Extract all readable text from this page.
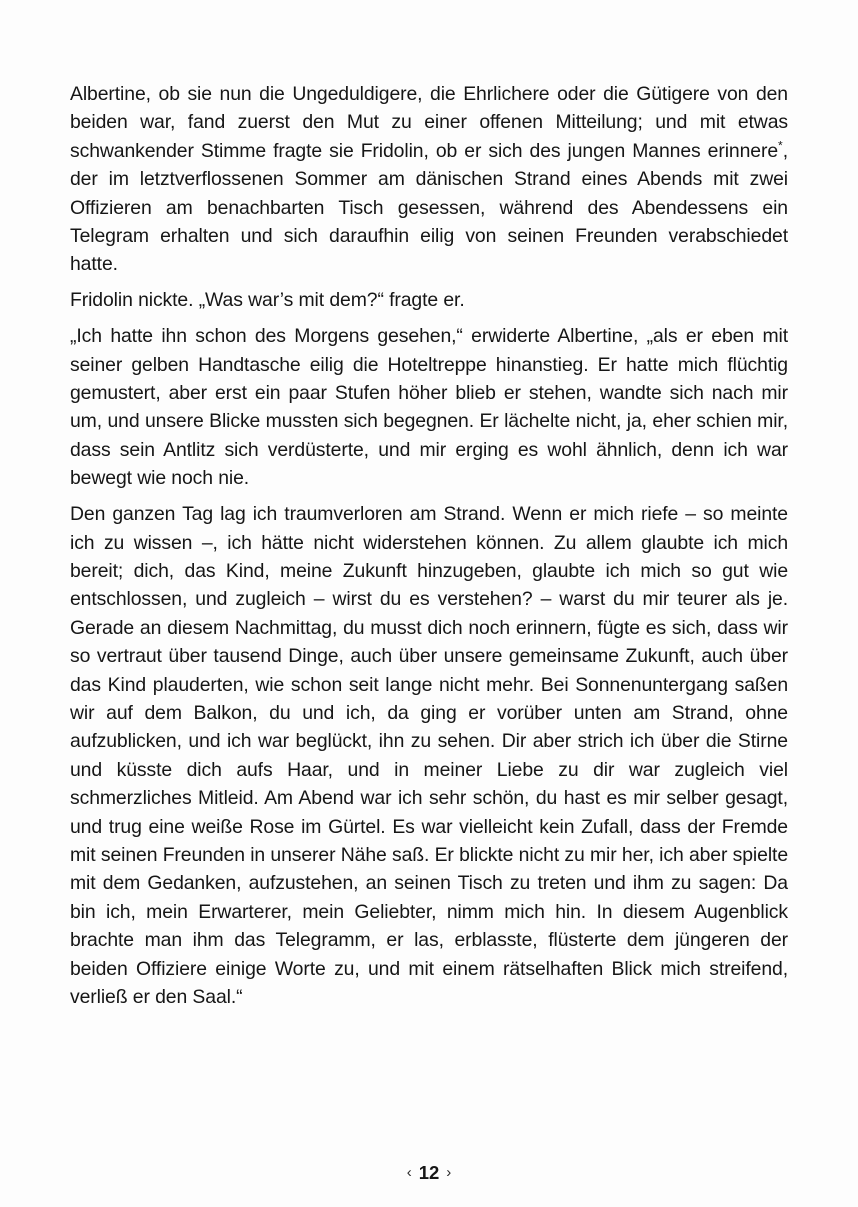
Albertine, ob sie nun die Ungeduldigere, die Ehrlichere oder die Gütigere von den beiden war, fand zuerst den Mut zu einer offenen Mitteilung; und mit etwas schwankender Stimme fragte sie Fridolin, ob er sich des jungen Mannes erinnere*, der im letztverflossenen Sommer am dänischen Strand eines Abends mit zwei Offizieren am benachbarten Tisch gesessen, während des Abendessens ein Telegram erhalten und sich daraufhin eilig von seinen Freunden verabschiedet hatte.

Fridolin nickte. „Was war’s mit dem?“ fragte er.

„Ich hatte ihn schon des Morgens gesehen,“ erwiderte Albertine, „als er eben mit seiner gelben Handtasche eilig die Hoteltreppe hinanstieg. Er hatte mich flüchtig gemustert, aber erst ein paar Stufen höher blieb er stehen, wandte sich nach mir um, und unsere Blicke mussten sich begegnen. Er lächelte nicht, ja, eher schien mir, dass sein Antlitz sich verdüsterte, und mir erging es wohl ähnlich, denn ich war bewegt wie noch nie.

Den ganzen Tag lag ich traumverloren am Strand. Wenn er mich riefe – so meinte ich zu wissen –, ich hätte nicht widerstehen können. Zu allem glaubte ich mich bereit; dich, das Kind, meine Zukunft hinzugeben, glaubte ich mich so gut wie entschlossen, und zugleich – wirst du es verstehen? – warst du mir teurer als je. Gerade an diesem Nachmittag, du musst dich noch erinnern, fügte es sich, dass wir so vertraut über tausend Dinge, auch über unsere gemeinsame Zukunft, auch über das Kind plauderten, wie schon seit lange nicht mehr. Bei Sonnenuntergang saßen wir auf dem Balkon, du und ich, da ging er vorüber unten am Strand, ohne aufzublicken, und ich war beglückt, ihn zu sehen. Dir aber strich ich über die Stirne und küsste dich aufs Haar, und in meiner Liebe zu dir war zugleich viel schmerzliches Mitleid. Am Abend war ich sehr schön, du hast es mir selber gesagt, und trug eine weiße Rose im Gürtel. Es war vielleicht kein Zufall, dass der Fremde mit seinen Freunden in unserer Nähe saß. Er blickte nicht zu mir her, ich aber spielte mit dem Gedanken, aufzustehen, an seinen Tisch zu treten und ihm zu sagen: Da bin ich, mein Erwarterer, mein Geliebter, nimm mich hin. In diesem Augenblick brachte man ihm das Telegramm, er las, erblasste, flüsterte dem jüngeren der beiden Offiziere einige Worte zu, und mit einem rätselhaften Blick mich streifend, verließ er den Saal.“

‹ 12 ›
